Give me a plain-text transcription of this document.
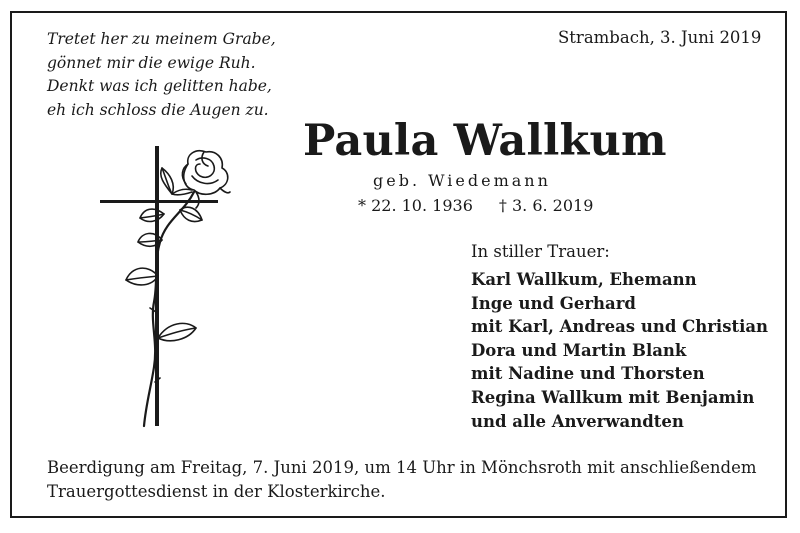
Tretet her zu meinem Grabe,
gönnet mir die ewige Ruh.
Denkt was ich gelitten habe,
eh ich schloss die Augen zu.
Strambach, 3. Juni 2019
Paula Wallkum
geb. Wiedemann
* 22. 10. 1936 † 3. 6. 2019
In stiller Trauer:
Karl Wallkum, Ehemann
Inge und Gerhard
mit Karl, Andreas und Christian
Dora und Martin Blank
mit Nadine und Thorsten
Regina Wallkum mit Benjamin
und alle Anverwandten
Beerdigung am Freitag, 7. Juni 2019, um 14 Uhr in Mönchsroth mit anschließendem
Trauergottesdienst in der Klosterkirche.
